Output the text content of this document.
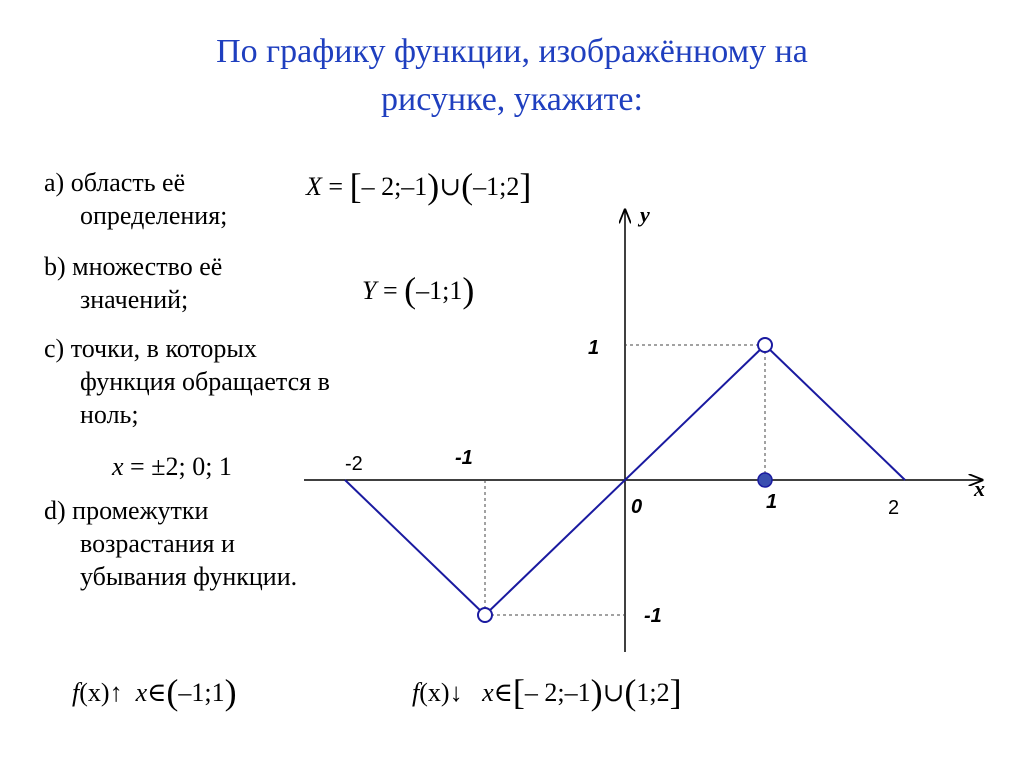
По графику функции, изображённому на
рисунке, укажите:
a) область её
определения;
b) множество её
значений;
c) точки, в которых
функция обращается в
ноль;
d) промежутки
возрастания и
убывания функции.
X = [– 2;–1)∪(–1;2]
Y = (–1;1)
x = ±2; 0; 1
f(x)↑ x∈(–1;1)	f(x)↓ x∈[– 2;–1)∪(1;2]
x
y
0
-2	-1
1	2
1
-1
